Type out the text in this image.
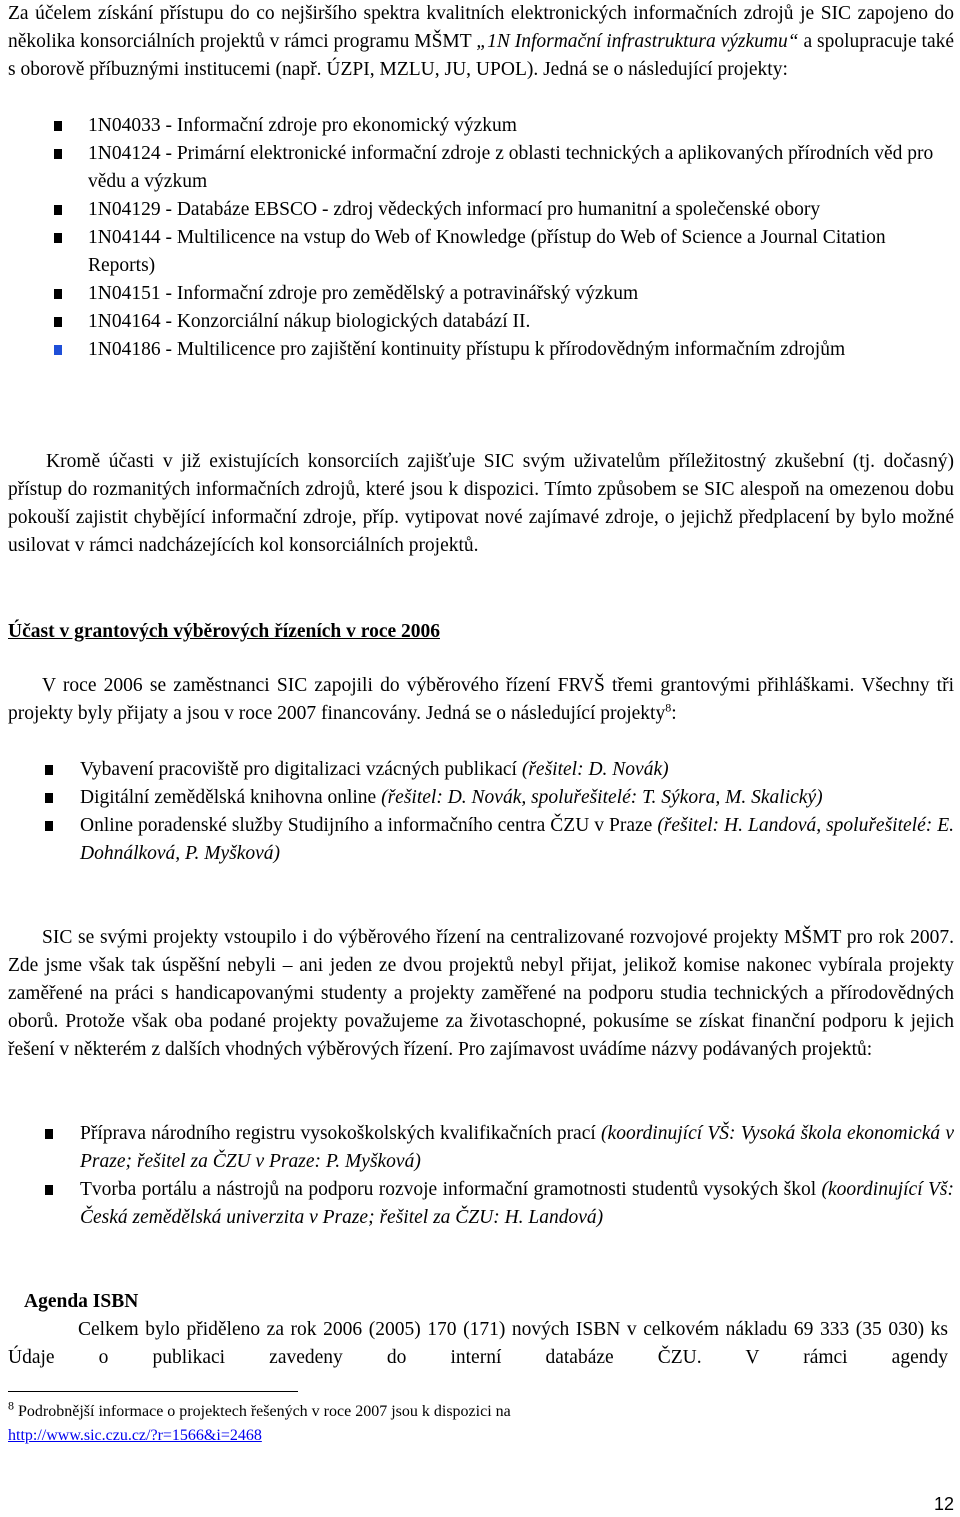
Za účelem získání přístupu do co nejširšího spektra kvalitních elektronických informačních zdrojů je SIC zapojeno do několika konsorciálních projektů v rámci programu MŠMT „1N Informační infrastruktura výzkumu“ a spolupracuje také s oborově příbuznými institucemi (např. ÚZPI, MZLU, JU, UPOL). Jedná se o následující projekty:

1N04033 - Informační zdroje pro ekonomický výzkum
1N04124 - Primární elektronické informační zdroje z oblasti technických a aplikovaných přírodních věd pro vědu a výzkum
1N04129 - Databáze EBSCO - zdroj vědeckých informací pro humanitní a společenské obory
1N04144 - Multilicence na vstup do Web of Knowledge (přístup do Web of Science a Journal Citation Reports)
1N04151 - Informační zdroje pro zemědělský a potravinářský výzkum
1N04164 - Konzorciální nákup biologických databází II.
1N04186 - Multilicence pro zajištění kontinuity přístupu k přírodovědným informačním zdrojům

Kromě účasti v již existujících konsorciích zajišťuje SIC svým uživatelům příležitostný zkušební (tj. dočasný) přístup do rozmanitých informačních zdrojů, které jsou k dispozici. Tímto způsobem se SIC alespoň na omezenou dobu pokouší zajistit chybějící informační zdroje, příp. vytipovat nové zajímavé zdroje, o jejichž předplacení by bylo možné usilovat v rámci nadcházejících kol konsorciálních projektů.

Účast v grantových výběrových řízeních v roce 2006

V roce 2006 se zaměstnanci SIC zapojili do výběrového řízení FRVŠ třemi grantovými přihláškami. Všechny tři projekty byly přijaty a jsou v roce 2007 financovány. Jedná se o následující projekty$^8$:

Vybavení pracoviště pro digitalizaci vzácných publikací (řešitel: D. Novák)
Digitální zemědělská knihovna online (řešitel: D. Novák, spoluřešitelé: T. Sýkora, M. Skalický)
Online poradenské služby Studijního a informačního centra ČZU v Praze (řešitel: H. Landová, spoluřešitelé: E. Dohnálková, P. Myšková)

SIC se svými projekty vstoupilo i do výběrového řízení na centralizované rozvojové projekty MŠMT pro rok 2007. Zde jsme však tak úspěšní nebyli – ani jeden ze dvou projektů nebyl přijat, jelikož komise nakonec vybírala projekty zaměřené na práci s handicapovanými studenty a projekty zaměřené na podporu studia technických a přírodovědných oborů. Protože však oba podané projekty považujeme za životaschopné, pokusíme se získat finanční podporu k jejich řešení v některém z dalších vhodných výběrových řízení. Pro zajímavost uvádíme názvy podávaných projektů:

Příprava národního registru vysokoškolských kvalifikačních prací (koordinující VŠ: Vysoká škola ekonomická v Praze; řešitel za ČZU v Praze: P. Myšková)
Tvorba portálu a nástrojů na podporu rozvoje informační gramotnosti studentů vysokých škol (koordinující Vš: Česká zemědělská univerzita v Praze; řešitel za ČZU: H. Landová)

Agenda ISBN

Celkem bylo přiděleno za rok 2006 (2005) 170 (171) nových ISBN v celkovém nákladu 69 333 (35 030) ks Údaje o publikaci zavedeny do interní databáze ČZU. V rámci agendy

$^8$ Podrobnější informace o projektech řešených v roce 2007 jsou k dispozici na
http://www.sic.czu.cz/?r=1566&i=2468
12
